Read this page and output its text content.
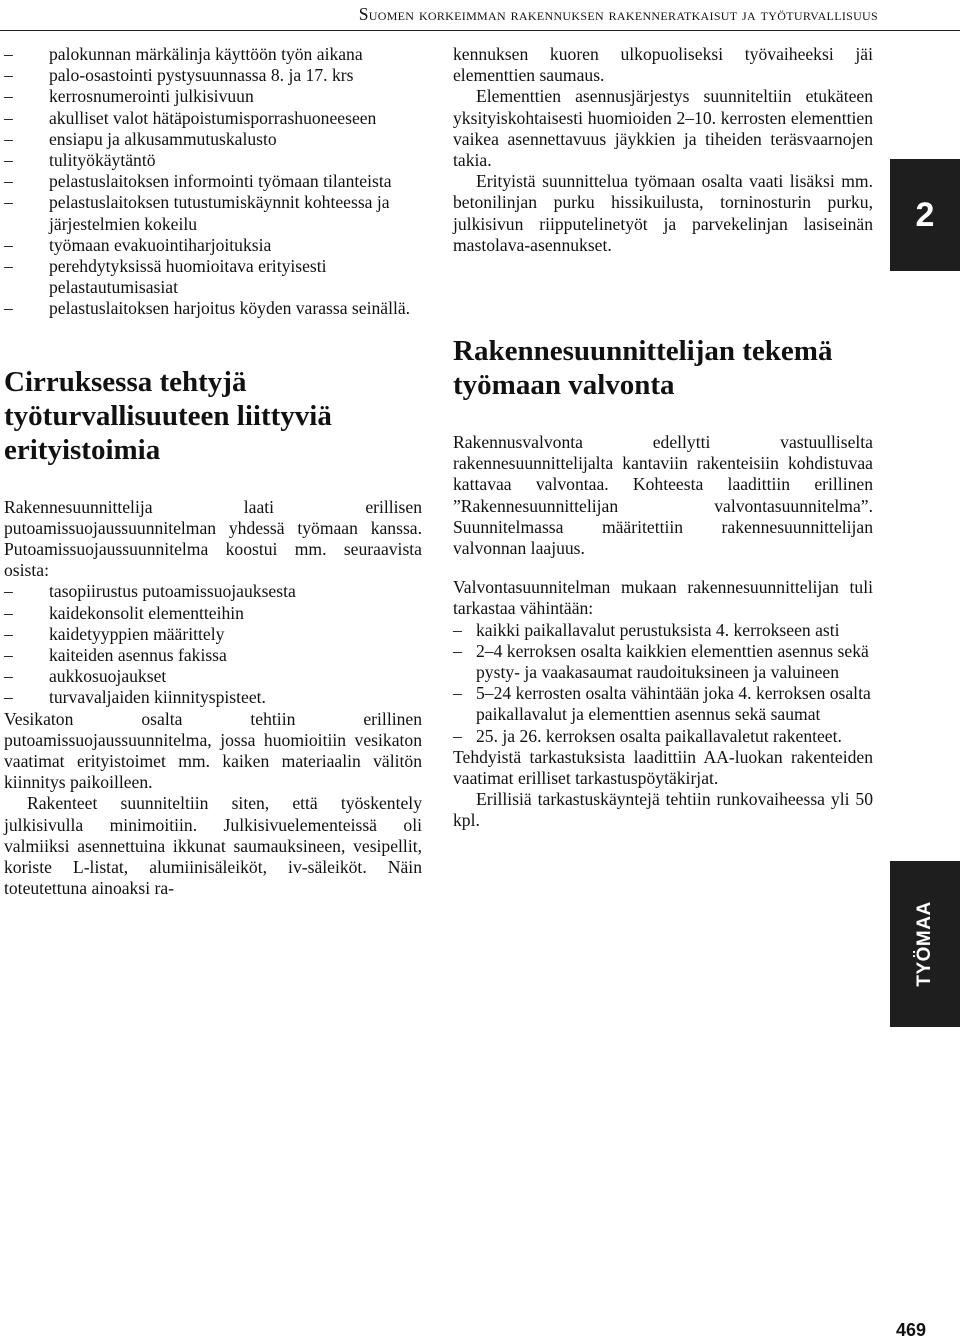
Suomen korkeimman rakennuksen rakenneratkaisut ja työturvallisuus
– palokunnan märkälinja käyttöön työn aikana
– palo-osastointi pystysuunnassa 8. ja 17. krs
– kerrosnumerointi julkisivuun
– akulliset valot hätäpoistumisporrashuoneeseen
– ensiapu ja alkusammutuskalusto
– tulityökäytäntö
– pelastuslaitoksen informointi työmaan tilanteista
– pelastuslaitoksen tutustumiskäynnit kohteessa ja järjestelmien kokeilu
– työmaan evakuointiharjoituksia
– perehdytyksissä huomioitava erityisesti pelastautumisasiat
– pelastuslaitoksen harjoitus köyden varassa seinällä.
Cirruksessa tehtyjä työturvallisuuteen liittyviä erityistoimia

Rakennesuunnittelija laati erillisen putoamissuojaussuunnitelman yhdessä työmaan kanssa. Putoamissuojaussuunnitelma koostui mm. seuraavista osista:

– tasopiirustus putoamissuojauksesta
– kaidekonsolit elementteihin
– kaidetyyppien määrittely
– kaiteiden asennus fakissa
– aukkosuojaukset
– turvavaljaiden kiinnityspisteet.

Vesikaton osalta tehtiin erillinen putoamissuojaussuunnitelma, jossa huomioitiin vesikaton vaatimat erityistoimet mm. kaiken materiaalin välitön kiinnitys paikoilleen.

Rakenteet suunniteltiin siten, että työskentely julkisivulla minimoitiin. Julkisivuelementeissä oli valmiiksi asennettuina ikkunat saumauksineen, vesipellit, koriste L-listat, alumiinisäleiköt, iv-säleiköt. Näin toteutettuna ainoaksi ra-

kennuksen kuoren ulkopuoliseksi työvaiheeksi jäi elementtien saumaus.

Elementtien asennusjärjestys suunniteltiin etukäteen yksityiskohtaisesti huomioiden 2–10. kerrosten elementtien vaikea asennettavuus jäykkien ja tiheiden teräsvaarnojen takia.

Erityistä suunnittelua työmaan osalta vaati lisäksi mm. betonilinjan purku hissikuilusta, torninosturin purku, julkisivun riipputelinetyöt ja parvekelinjan lasiseinän mastolava-asennukset.

Rakennesuunnittelijan tekemä työmaan valvonta

Rakennusvalvonta edellytti vastuulliselta rakennesuunnittelijalta kantaviin rakenteisiin kohdistuvaa kattavaa valvontaa. Kohteesta laadittiin erillinen ”Rakennesuunnittelijan valvontasuunnitelma”. Suunnitelmassa määritettiin rakennesuunnittelijan valvonnan laajuus.

Valvontasuunnitelman mukaan rakennesuunnittelijan tuli tarkastaa vähintään:

– kaikki paikallavalut perustuksista 4. kerrokseen asti
– 2–4 kerroksen osalta kaikkien elementtien asennus sekä pysty- ja vaakasaumat raudoituksineen ja valuineen
– 5–24 kerrosten osalta vähintään joka 4. kerroksen osalta paikallavalut ja elementtien asennus sekä saumat
– 25. ja 26. kerroksen osalta paikallavaletut rakenteet.

Tehdyistä tarkastuksista laadittiin AA-luokan rakenteiden vaatimat erilliset tarkastuspöytäkirjat.

Erillisiä tarkastuskäyntejä tehtiin runkovaiheessa yli 50 kpl.

2
TYÖMAA
469
